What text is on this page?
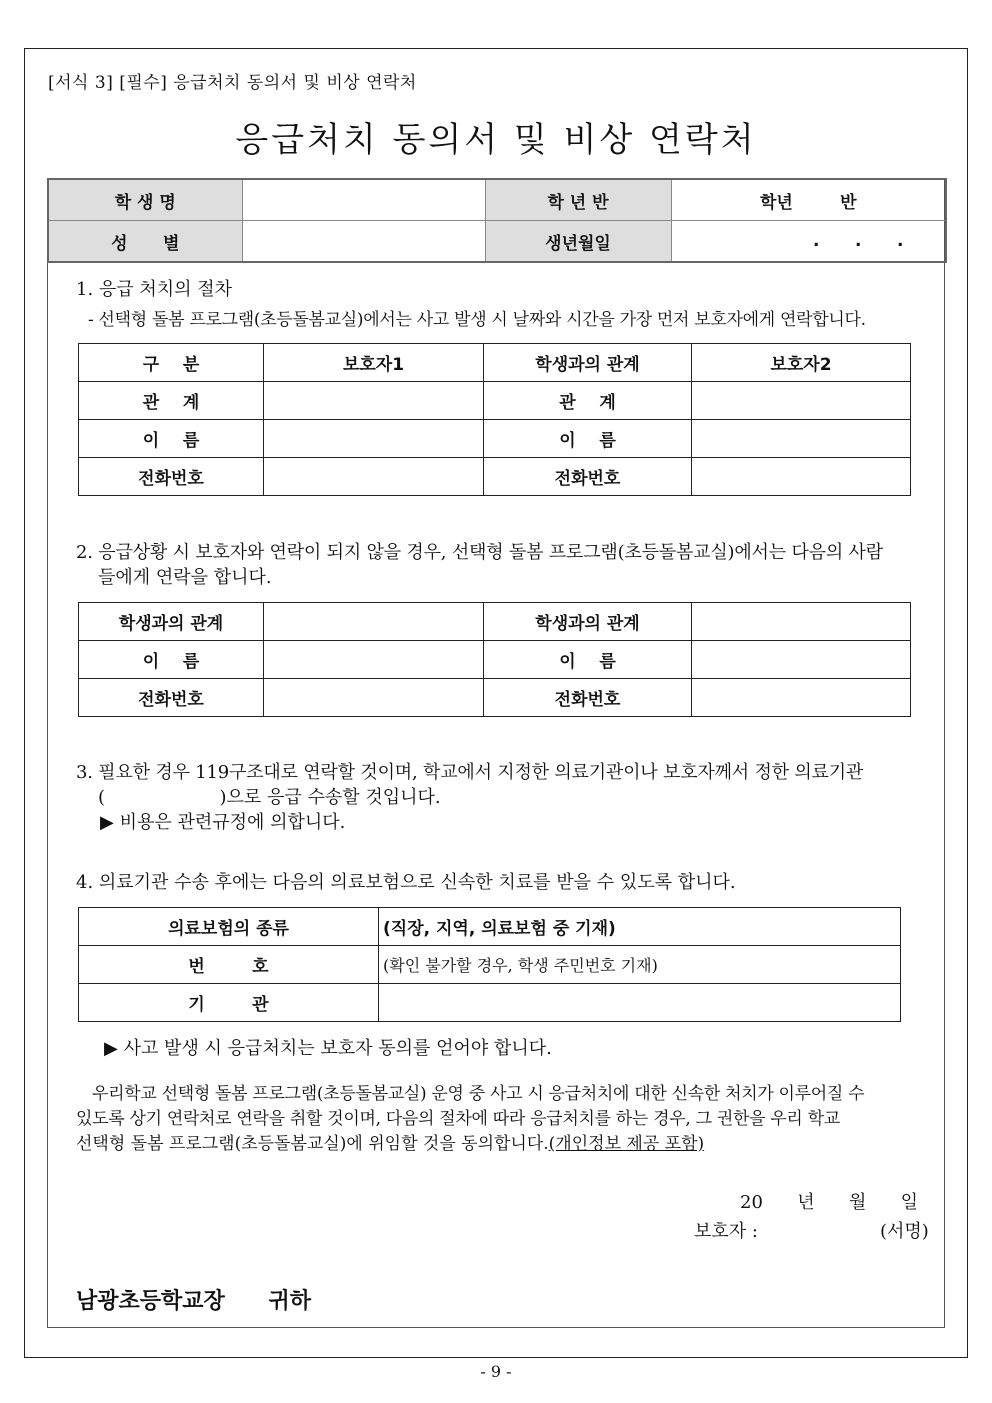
[서식 3] [필수] 응급처치 동의서 및 비상 연락처
응급처치 동의서 및 비상 연락처
학 생 명		학 년 반	학년        반
성      별		생년월일	.      .      .
1. 응급 처치의 절차
- 선택형 돌봄 프로그램(초등돌봄교실)에서는 사고 발생 시 날짜와 시간을 가장 먼저 보호자에게 연락합니다.
구    분	보호자1	학생과의 관계	보호자2
관    계		관    계	
이    름		이    름	
전화번호		전화번호	
2. 응급상황 시 보호자와 연락이 되지 않을 경우, 선택형 돌봄 프로그램(초등돌봄교실)에서는 다음의 사람
들에게 연락을 합니다.
학생과의 관계		학생과의 관계	
이    름		이    름	
전화번호		전화번호	
3. 필요한 경우 119구조대로 연락할 것이며, 학교에서 지정한 의료기관이나 보호자께서 정한 의료기관
(                    )으로 응급 수송할 것입니다.
▶ 비용은 관련규정에 의합니다.
4. 의료기관 수송 후에는 다음의 의료보험으로 신속한 치료를 받을 수 있도록 합니다.
의료보험의 종류	(직장, 지역, 의료보험 중 기재)
번        호	(확인 불가할 경우, 학생 주민번호 기재)
기        관	
▶ 사고 발생 시 응급처치는 보호자 동의를 얻어야 합니다.
우리학교 선택형 돌봄 프로그램(초등돌봄교실) 운영 중 사고 시 응급처치에 대한 신속한 처치가 이루어질 수
있도록 상기 연락처로 연락을 취할 것이며, 다음의 절차에 따라 응급처치를 하는 경우, 그 권한을 우리 학교
선택형 돌봄 프로그램(초등돌봄교실)에 위임할 것을 동의합니다.(개인정보 제공 포함)
20      년      월      일
보호자 :	(서명)
남광초등학교장 귀하
- 9 -
